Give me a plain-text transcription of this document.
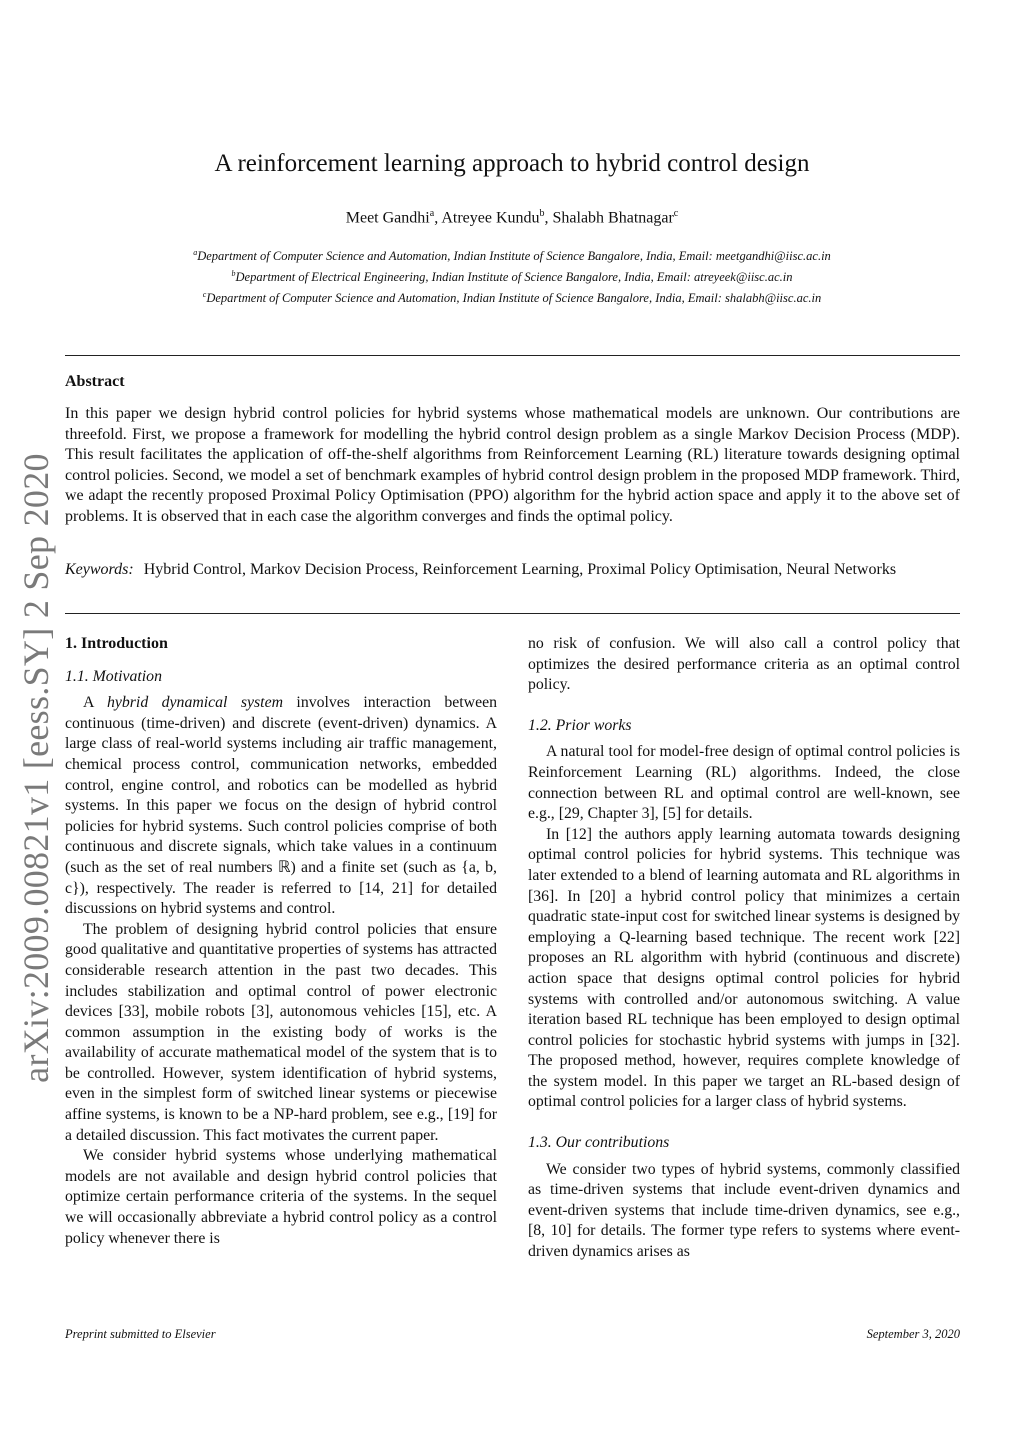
arXiv:2009.00821v1 [eess.SY] 2 Sep 2020
A reinforcement learning approach to hybrid control design
Meet Gandhi$^a$, Atreyee Kundu$^b$, Shalabh Bhatnagar$^c$
$^a$Department of Computer Science and Automation, Indian Institute of Science Bangalore, India, Email: meetgandhi@iisc.ac.in
$^b$Department of Electrical Engineering, Indian Institute of Science Bangalore, India, Email: atreyeek@iisc.ac.in
$^c$Department of Computer Science and Automation, Indian Institute of Science Bangalore, India, Email: shalabh@iisc.ac.in
Abstract
In this paper we design hybrid control policies for hybrid systems whose mathematical models are unknown. Our contributions are threefold. First, we propose a framework for modelling the hybrid control design problem as a single Markov Decision Process (MDP). This result facilitates the application of off-the-shelf algorithms from Reinforcement Learning (RL) literature towards designing optimal control policies. Second, we model a set of benchmark examples of hybrid control design problem in the proposed MDP framework. Third, we adapt the recently proposed Proximal Policy Optimisation (PPO) algorithm for the hybrid action space and apply it to the above set of problems. It is observed that in each case the algorithm converges and finds the optimal policy.
Keywords: Hybrid Control, Markov Decision Process, Reinforcement Learning, Proximal Policy Optimisation, Neural Networks
1. Introduction
1.1. Motivation

A hybrid dynamical system involves interaction between continuous (time-driven) and discrete (event-driven) dynamics. A large class of real-world systems including air traffic management, chemical process control, communication networks, embedded control, engine control, and robotics can be modelled as hybrid systems. In this paper we focus on the design of hybrid control policies for hybrid systems. Such control policies comprise of both continuous and discrete signals, which take values in a continuum (such as the set of real numbers ℝ) and a finite set (such as {a, b, c}), respectively. The reader is referred to [14, 21] for detailed discussions on hybrid systems and control.

The problem of designing hybrid control policies that ensure good qualitative and quantitative properties of systems has attracted considerable research attention in the past two decades. This includes stabilization and optimal control of power electronic devices [33], mobile robots [3], autonomous vehicles [15], etc. A common assumption in the existing body of works is the availability of accurate mathematical model of the system that is to be controlled. However, system identification of hybrid systems, even in the simplest form of switched linear systems or piecewise affine systems, is known to be a NP-hard problem, see e.g., [19] for a detailed discussion. This fact motivates the current paper.

We consider hybrid systems whose underlying mathematical models are not available and design hybrid control policies that optimize certain performance criteria of the systems. In the sequel we will occasionally abbreviate a hybrid control policy as a control policy whenever there is

no risk of confusion. We will also call a control policy that optimizes the desired performance criteria as an optimal control policy.

1.2. Prior works

A natural tool for model-free design of optimal control policies is Reinforcement Learning (RL) algorithms. Indeed, the close connection between RL and optimal control are well-known, see e.g., [29, Chapter 3], [5] for details.

In [12] the authors apply learning automata towards designing optimal control policies for hybrid systems. This technique was later extended to a blend of learning automata and RL algorithms in [36]. In [20] a hybrid control policy that minimizes a certain quadratic state-input cost for switched linear systems is designed by employing a Q-learning based technique. The recent work [22] proposes an RL algorithm with hybrid (continuous and discrete) action space that designs optimal control policies for hybrid systems with controlled and/or autonomous switching. A value iteration based RL technique has been employed to design optimal control policies for stochastic hybrid systems with jumps in [32]. The proposed method, however, requires complete knowledge of the system model. In this paper we target an RL-based design of optimal control policies for a larger class of hybrid systems.

1.3. Our contributions

We consider two types of hybrid systems, commonly classified as time-driven systems that include event-driven dynamics and event-driven systems that include time-driven dynamics, see e.g., [8, 10] for details. The former type refers to systems where event-driven dynamics arises as

Preprint submitted to Elsevier	September 3, 2020
